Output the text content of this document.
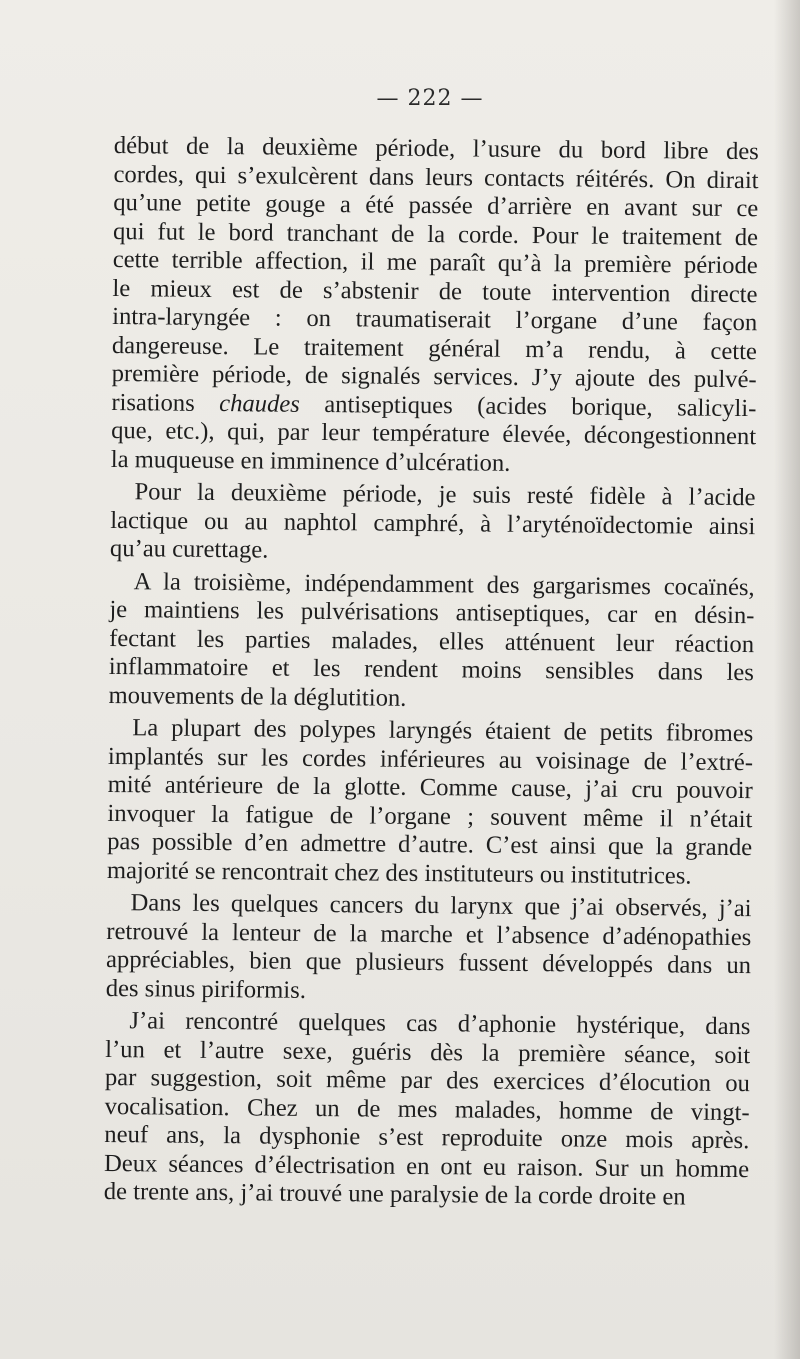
— 222 —
début de la deuxième période, l’usure du bord libre des
cordes, qui s’exulcèrent dans leurs contacts réitérés. On dirait
qu’une petite gouge a été passée d’arrière en avant sur ce
qui fut le bord tranchant de la corde. Pour le traitement de
cette terrible affection, il me paraît qu’à la première période
le mieux est de s’abstenir de toute intervention directe
intra-laryngée : on traumatiserait l’organe d’une façon
dangereuse. Le traitement général m’a rendu, à cette
première période, de signalés services. J’y ajoute des pulvé-
risations chaudes antiseptiques (acides borique, salicyli-
que, etc.), qui, par leur température élevée, décongestionnent
la muqueuse en imminence d’ulcération.
Pour la deuxième période, je suis resté fidèle à l’acide
lactique ou au naphtol camphré, à l’aryténoïdectomie ainsi
qu’au curettage.
A la troisième, indépendamment des gargarismes cocaïnés,
je maintiens les pulvérisations antiseptiques, car en désin-
fectant les parties malades, elles atténuent leur réaction
inflammatoire et les rendent moins sensibles dans les
mouvements de la déglutition.
La plupart des polypes laryngés étaient de petits fibromes
implantés sur les cordes inférieures au voisinage de l’extré-
mité antérieure de la glotte. Comme cause, j’ai cru pouvoir
invoquer la fatigue de l’organe ; souvent même il n’était
pas possible d’en admettre d’autre. C’est ainsi que la grande
majorité se rencontrait chez des instituteurs ou institutrices.
Dans les quelques cancers du larynx que j’ai observés, j’ai
retrouvé la lenteur de la marche et l’absence d’adénopathies
appréciables, bien que plusieurs fussent développés dans un
des sinus piriformis.
J’ai rencontré quelques cas d’aphonie hystérique, dans
l’un et l’autre sexe, guéris dès la première séance, soit
par suggestion, soit même par des exercices d’élocution ou
vocalisation. Chez un de mes malades, homme de vingt-
neuf ans, la dysphonie s’est reproduite onze mois après.
Deux séances d’électrisation en ont eu raison. Sur un homme
de trente ans, j’ai trouvé une paralysie de la corde droite en
